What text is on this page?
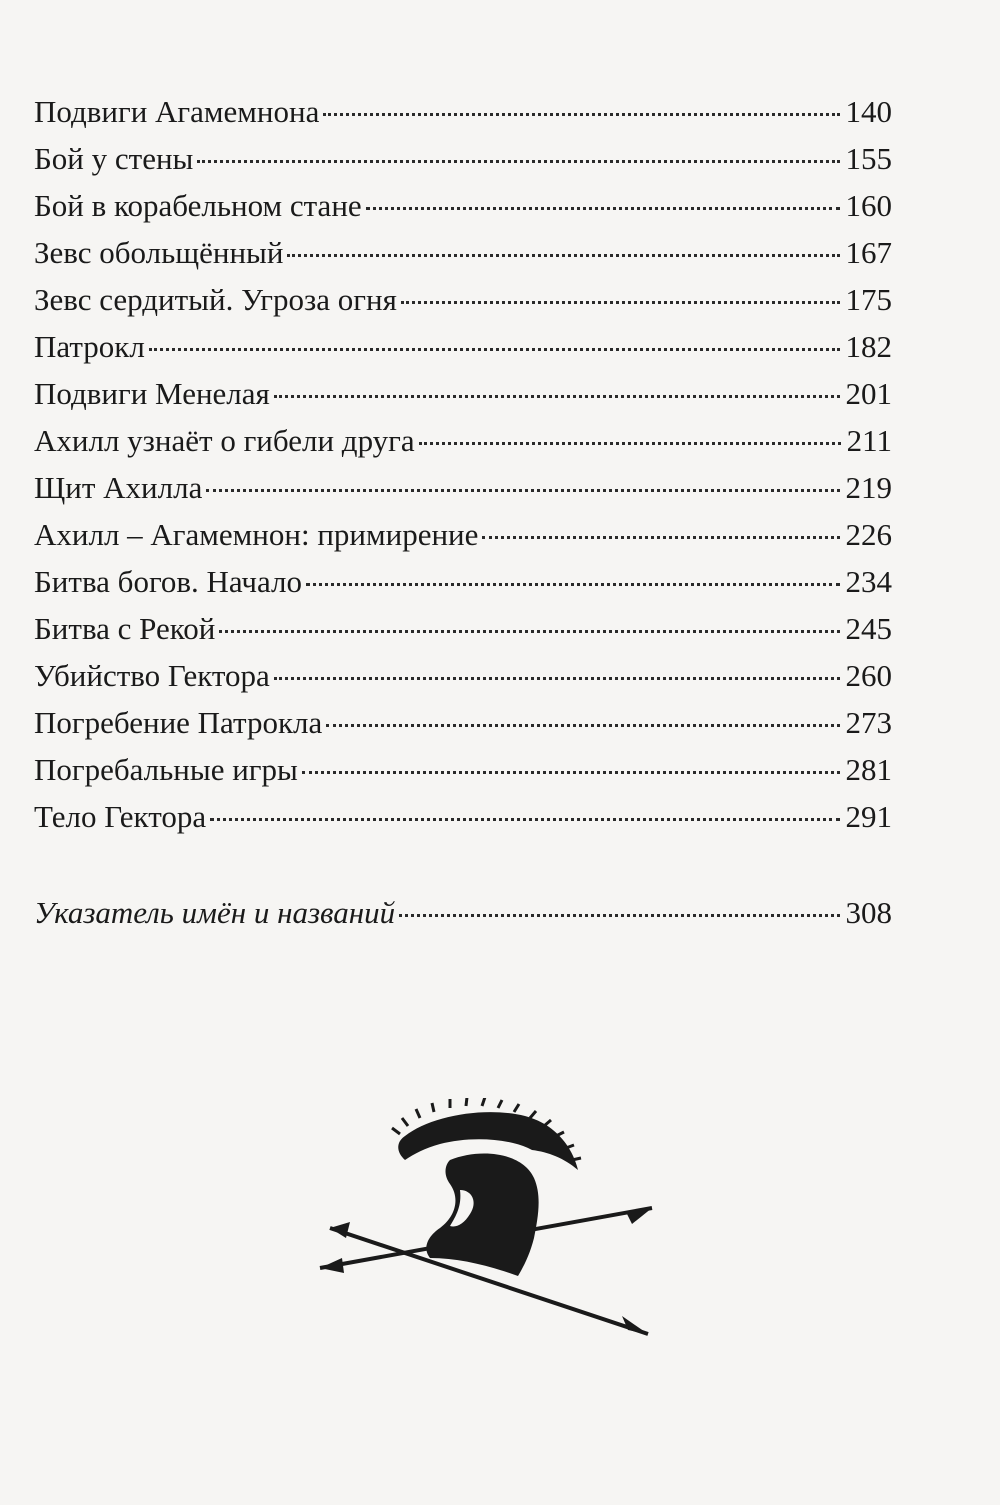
Подвиги Агамемнона	140
Бой у стены	155
Бой в корабельном стане	160
Зевс обольщённый	167
Зевс сердитый. Угроза огня	175
Патрокл	182
Подвиги Менелая	201
Ахилл узнаёт о гибели друга	211
Щит Ахилла	219
Ахилл – Агамемнон: примирение	226
Битва богов. Начало	234
Битва с Рекой	245
Убийство Гектора	260
Погребение Патрокла	273
Погребальные игры	281
Тело Гектора	291
Указатель имён и названий	308
